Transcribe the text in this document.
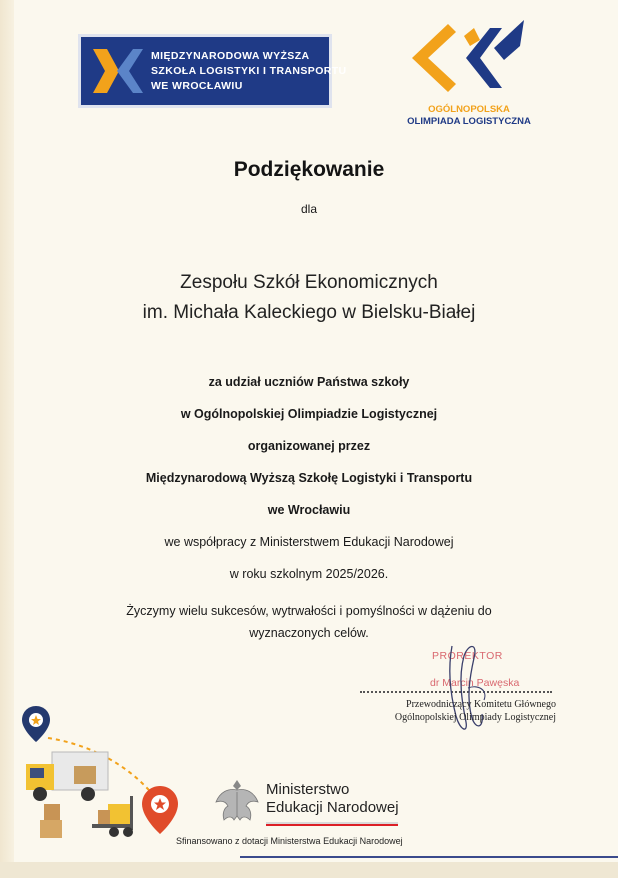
MIĘDZYNARODOWA WYŻSZA
SZKOŁA LOGISTYKI I TRANSPORTU
WE WROCŁAWIU
OGÓLNOPOLSKA
OLIMPIADA LOGISTYCZNA
Podziękowanie
dla
Zespołu Szkół Ekonomicznych
im. Michała Kaleckiego w Bielsku-Białej
za udział uczniów Państwa szkoły
w Ogólnopolskiej Olimpiadzie Logistycznej
organizowanej przez
Międzynarodową Wyższą Szkołę Logistyki i Transportu
we Wrocławiu
we współpracy z Ministerstwem Edukacji Narodowej
w roku szkolnym 2025/2026.
Życzymy wielu sukcesów, wytrwałości i pomyślności w dążeniu do
wyznaczonych celów.
PROREKTOR
dr Marcin Pawęska
Przewodniczący Komitetu Głównego
Ogólnopolskiej Olimpiady Logistycznej
Ministerstwo
Edukacji Narodowej
Sfinansowano z dotacji Ministerstwa Edukacji Narodowej
